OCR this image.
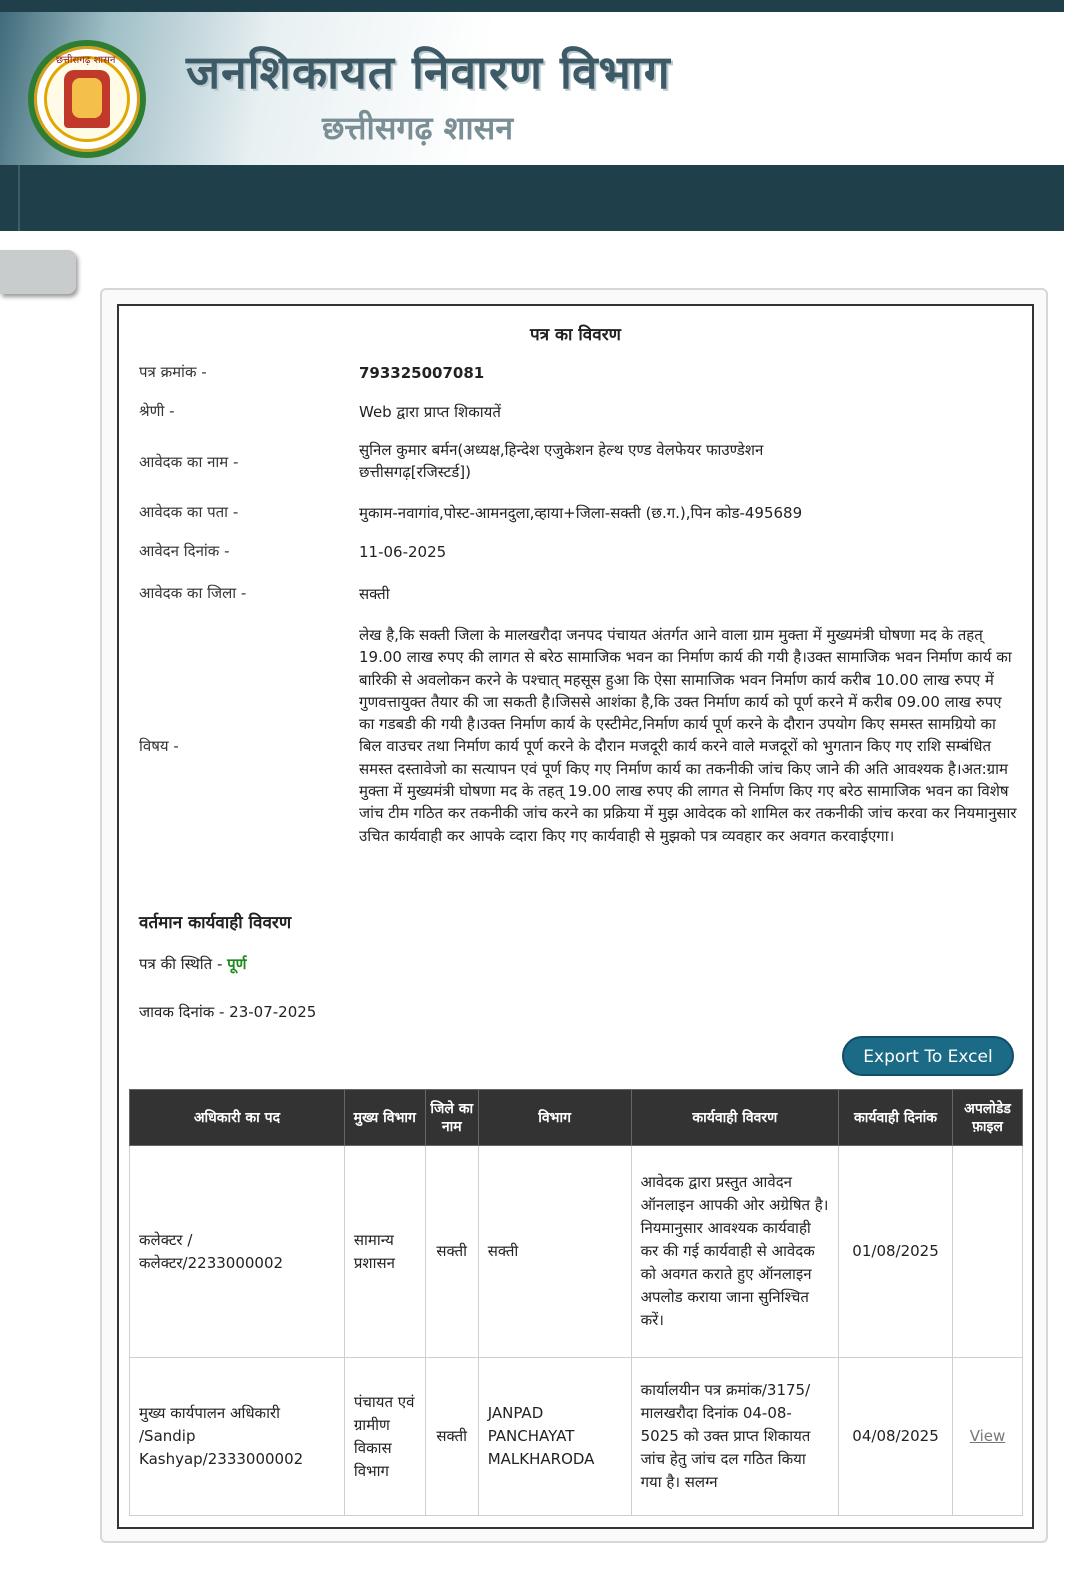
छत्तीसगढ़ शासन जनशिकायत निवारण विभाग
छत्तीसगढ़ शासन
पत्र का विवरण
पत्र क्रमांक -	793325007081
श्रेणी -	Web द्वारा प्राप्त शिकायतें
आवेदक का नाम -
सुनिल कुमार बर्मन(अध्यक्ष,हिन्देश एजुकेशन हेल्थ एण्ड वेलफेयर फाउण्डेशन छत्तीसगढ़[रजिस्टर्ड])
आवेदक का पता -	मुकाम-नवागांव,पोस्ट-आमनदुला,व्हाया+जिला-सक्ती (छ.ग.),पिन कोड-495689
आवेदन दिनांक -	11-06-2025
आवेदक का जिला -	सक्ती
विषय -
लेख है,कि सक्ती जिला के मालखरौदा जनपद पंचायत अंतर्गत आने वाला ग्राम मुक्ता में मुख्यमंत्री घोषणा मद के तहत् 19.00 लाख रुपए की लागत से बरेठ सामाजिक भवन का निर्माण कार्य की गयी है।उक्त सामाजिक भवन निर्माण कार्य का बारिकी से अवलोकन करने के पश्चात् महसूस हुआ कि ऐसा सामाजिक भवन निर्माण कार्य करीब 10.00 लाख रुपए में गुणवत्तायुक्त तैयार की जा सकती है।जिससे आशंका है,कि उक्त निर्माण कार्य को पूर्ण करने में करीब 09.00 लाख रुपए का गडबडी की गयी है।उक्त निर्माण कार्य के एस्टीमेट,निर्माण कार्य पूर्ण करने के दौरान उपयोग किए समस्त सामग्रियो का बिल वाउचर तथा निर्माण कार्य पूर्ण करने के दौरान मजदूरी कार्य करने वाले मजदूरों को भुगतान किए गए राशि सम्बंधित समस्त दस्तावेजो का सत्यापन एवं पूर्ण किए गए निर्माण कार्य का तकनीकी जांच किए जाने की अति आवश्यक है।अत:ग्राम मुक्ता में मुख्यमंत्री घोषणा मद के तहत् 19.00 लाख रुपए की लागत से निर्माण किए गए बरेठ सामाजिक भवन का विशेष जांच टीम गठित कर तकनीकी जांच करने का प्रक्रिया में मुझ आवेदक को शामिल कर तकनीकी जांच करवा कर नियमानुसार उचित कार्यवाही कर आपके व्दारा किए गए कार्यवाही से मुझको पत्र व्यवहार कर अवगत करवाईएगा।
वर्तमान कार्यवाही विवरण
पत्र की स्थिति - पूर्ण
जावक दिनांक - 23-07-2025
Export To Excel
अधिकारी का पद	मुख्य विभाग	जिले का नाम	विभाग	कार्यवाही विवरण	कार्यवाही दिनांक	अपलोडेड फ़ाइल
कलेक्टर / कलेक्टर/2233000002	सामान्य प्रशासन	सक्ती	सक्ती	आवेदक द्वारा प्रस्तुत आवेदन ऑनलाइन आपकी ओर अग्रेषित है। नियमानुसार आवश्यक कार्यवाही कर की गई कार्यवाही से आवेदक को अवगत कराते हुए ऑनलाइन अपलोड कराया जाना सुनिश्चित करें।	01/08/2025	
मुख्य कार्यपालन अधिकारी /Sandip Kashyap/2333000002	पंचायत एवं ग्रामीण विकास विभाग	सक्ती	JANPAD PANCHAYAT MALKHARODA	कार्यालयीन पत्र क्रमांक/3175/ मालखरौदा दिनांक 04-08-5025 को उक्त प्राप्त शिकायत जांच हेतु जांच दल गठित किया गया है। सलग्न	04/08/2025	View
